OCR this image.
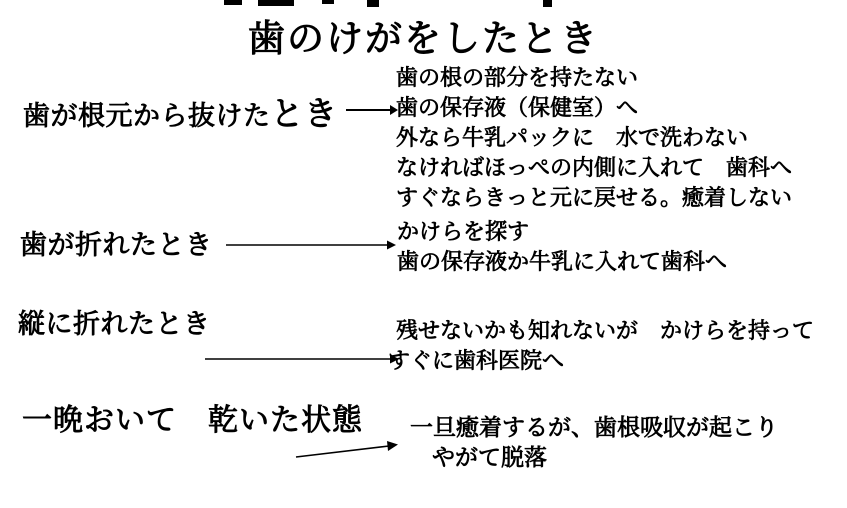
歯のけがをしたとき
歯が根元から抜けたとき
歯の根の部分を持たない
歯の保存液（保健室）へ
外なら牛乳パックに　水で洗わない
なければほっぺの内側に入れて　歯科へ
すぐならきっと元に戻せる。癒着しない
歯が折れたとき	かけらを探す
歯の保存液か牛乳に入れて歯科へ
縦に折れたとき	残せないかも知れないが　かけらを持って
すぐに歯科医院へ
一晩おいて　乾いた状態 一旦癒着するが、歯根吸収が起こり
やがて脱落
